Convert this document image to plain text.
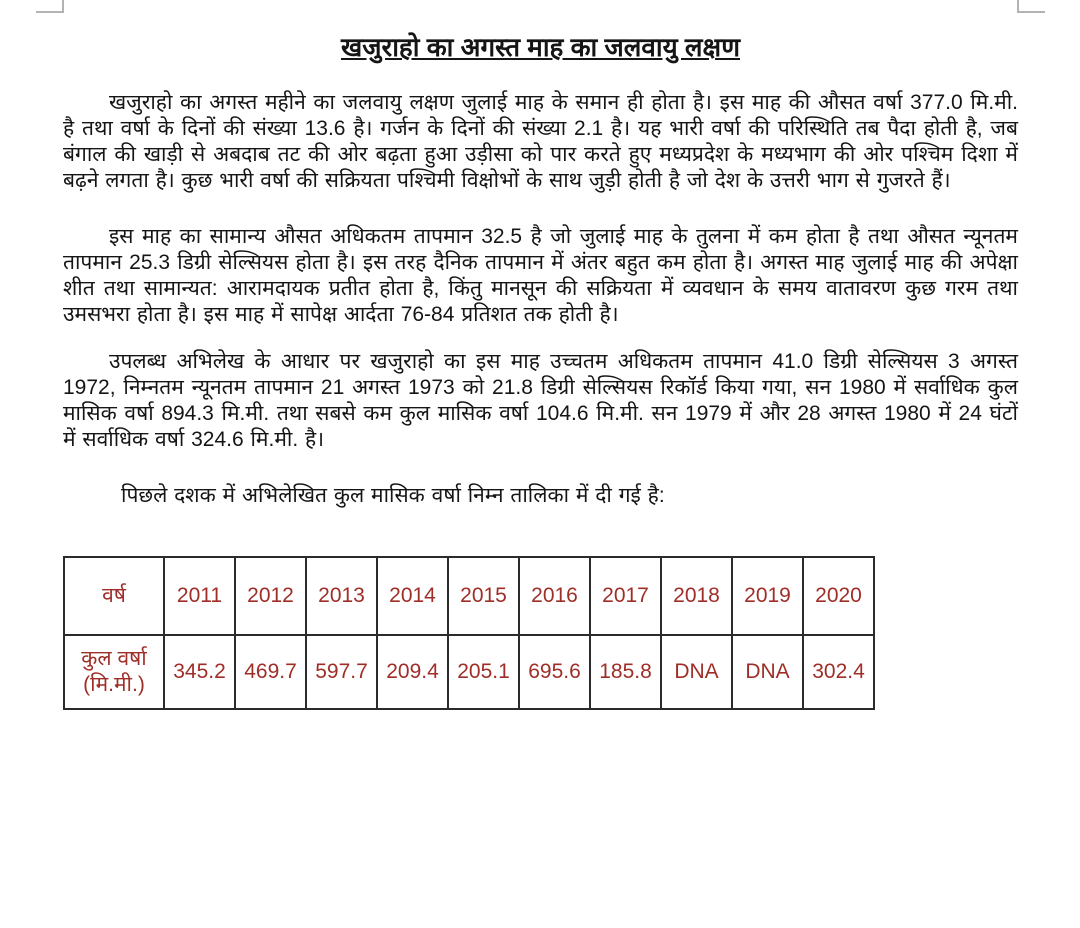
खजुराहो का अगस्त माह का जलवायु लक्षण

खजुराहो का अगस्त महीने का जलवायु लक्षण जुलाई माह के समान ही होता है। इस माह की औसत वर्षा 377.0 मि.मी. है तथा वर्षा के दिनों की संख्या 13.6 है। गर्जन के दिनों की संख्या 2.1 है। यह भारी वर्षा की परिस्थिति तब पैदा होती है, जब बंगाल की खाड़ी से अबदाब तट की ओर बढ़ता हुआ उड़ीसा को पार करते हुए मध्यप्रदेश के मध्यभाग की ओर पश्चिम दिशा में बढ़ने लगता है। कुछ भारी वर्षा की सक्रियता पश्चिमी विक्षोभों के साथ जुड़ी होती है जो देश के उत्तरी भाग से गुजरते हैं।

इस माह का सामान्य औसत अधिकतम तापमान 32.5 है जो जुलाई माह के तुलना में कम होता है तथा औसत न्यूनतम तापमान 25.3 डिग्री सेल्सियस होता है। इस तरह दैनिक तापमान में अंतर बहुत कम होता है। अगस्त माह जुलाई माह की अपेक्षा शीत तथा सामान्यत: आरामदायक प्रतीत होता है, किंतु मानसून की सक्रियता में व्यवधान के समय वातावरण कुछ गरम तथा उमसभरा होता है। इस माह में सापेक्ष आर्दता 76-84 प्रतिशत तक होती है।

उपलब्ध अभिलेख के आधार पर खजुराहो का इस माह उच्चतम अधिकतम तापमान 41.0 डिग्री सेल्सियस 3 अगस्त 1972, निम्नतम न्यूनतम तापमान 21 अगस्त 1973 को 21.8 डिग्री सेल्सियस रिकॉर्ड किया गया, सन 1980 में सर्वाधिक कुल मासिक वर्षा 894.3 मि.मी. तथा सबसे कम कुल मासिक वर्षा 104.6 मि.मी. सन 1979 में और 28 अगस्त 1980 में 24 घंटों में सर्वाधिक वर्षा 324.6 मि.मी. है।

पिछले दशक में अभिलेखित कुल मासिक वर्षा निम्न तालिका में दी गई है:

वर्ष	2011	2012	2013	2014	2015	2016	2017	2018	2019	2020
कुल वर्षा (मि.मी.)	345.2	469.7	597.7	209.4	205.1	695.6	185.8	DNA	DNA	302.4
